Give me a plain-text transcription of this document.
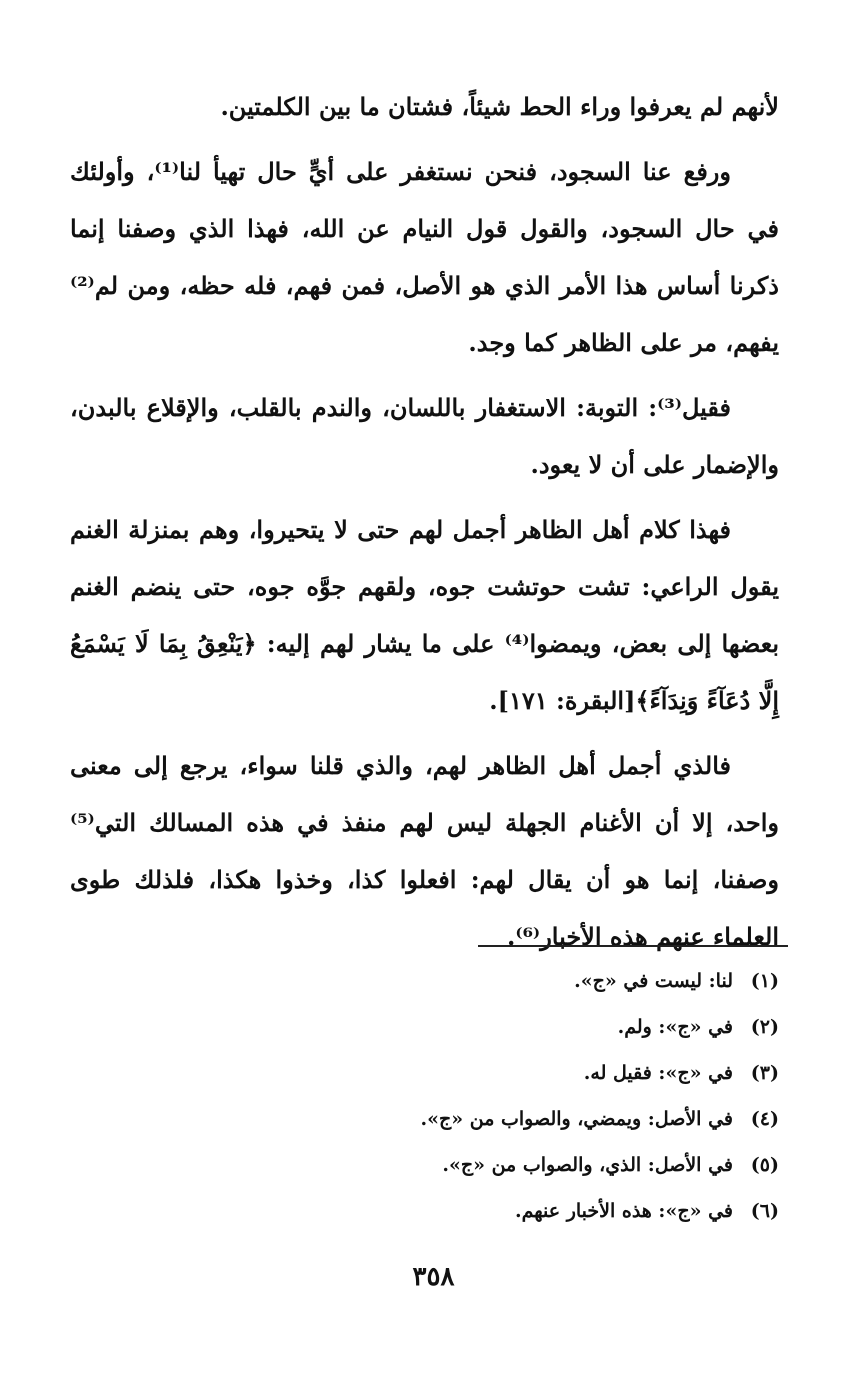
لأنهم لم يعرفوا وراء الحط شيئاً، فشتان ما بين الكلمتين.

ورفع عنا السجود، فنحن نستغفر على أيٍّ حال تهيأ لنا⁽¹⁾، وأولئك في حال السجود، والقول قول النيام عن الله، فهذا الذي وصفنا إنما ذكرنا أساس هذا الأمر الذي هو الأصل، فمن فهم، فله حظه، ومن لم⁽²⁾ يفهم، مر على الظاهر كما وجد.

فقيل⁽³⁾: التوبة: الاستغفار باللسان، والندم بالقلب، والإقلاع بالبدن، والإضمار على أن لا يعود.

فهذا كلام أهل الظاهر أجمل لهم حتى لا يتحيروا، وهم بمنزلة الغنم يقول الراعي: تشت حوتشت جوه، ولقهم جوَّه جوه، حتى ينضم الغنم بعضها إلى بعض، ويمضوا⁽⁴⁾ على ما يشار لهم إليه: ﴿يَنْعِقُ بِمَا لَا يَسْمَعُ إِلَّا دُعَآءً وَنِدَآءً﴾[البقرة: ١٧١].

فالذي أجمل أهل الظاهر لهم، والذي قلنا سواء، يرجع إلى معنى واحد، إلا أن الأغنام الجهلة ليس لهم منفذ في هذه المسالك التي⁽⁵⁾ وصفنا، إنما هو أن يقال لهم: افعلوا كذا، وخذوا هكذا، فلذلك طوى العلماء عنهم هذه الأخبار⁽⁶⁾.

(١)لنا: ليست في «ج».
(٢)في «ج»: ولم.
(٣)في «ج»: فقيل له.
(٤)في الأصل: ويمضي، والصواب من «ج».
(٥)في الأصل: الذي، والصواب من «ج».
(٦)في «ج»: هذه الأخبار عنهم.
٣٥٨
